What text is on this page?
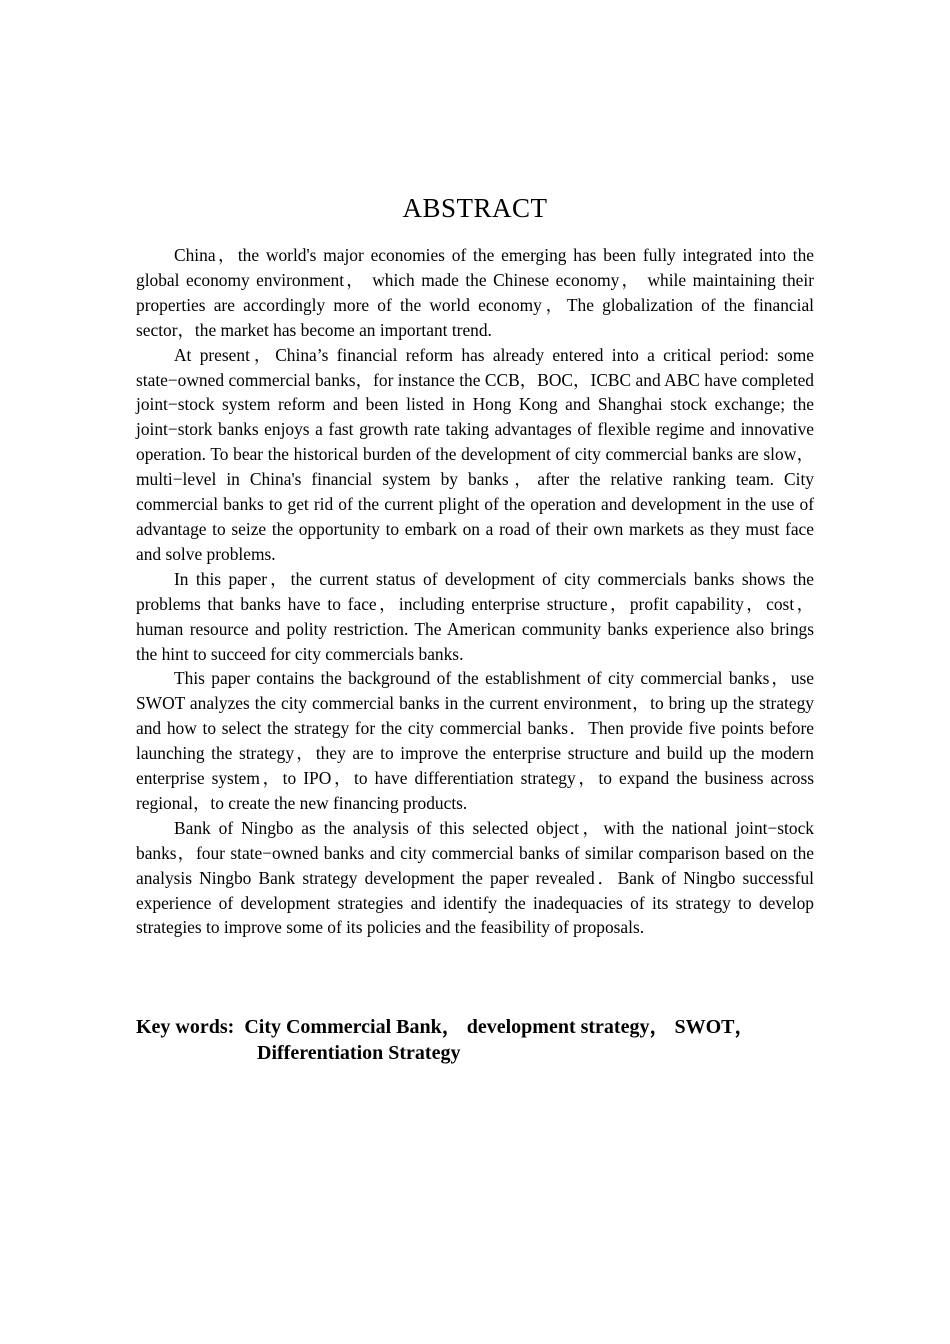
ABSTRACT

China，the world's major economies of the emerging has been fully integrated into the global economy environment， which made the Chinese economy， while maintaining their properties are accordingly more of the world economy，The globalization of the financial sector，the market has become an important trend.

At present，China’s financial reform has already entered into a critical period: some state−owned commercial banks，for instance the CCB，BOC，ICBC and ABC have completed joint−stock system reform and been listed in Hong Kong and Shanghai stock exchange; the joint−stork banks enjoys a fast growth rate taking advantages of flexible regime and innovative operation. To bear the historical burden of the development of city commercial banks are slow，multi−level in China's financial system by banks，after the relative ranking team. City commercial banks to get rid of the current plight of the operation and development in the use of advantage to seize the opportunity to embark on a road of their own markets as they must face and solve problems.

In this paper，the current status of development of city commercials banks shows the problems that banks have to face，including enterprise structure，profit capability，cost，human resource and polity restriction. The American community banks experience also brings the hint to succeed for city commercials banks.

This paper contains the background of the establishment of city commercial banks，use SWOT analyzes the city commercial banks in the current environment，to bring up the strategy and how to select the strategy for the city commercial banks．Then provide five points before launching the strategy，they are to improve the enterprise structure and build up the modern enterprise system，to IPO，to have differentiation strategy，to expand the business across regional，to create the new financing products.

Bank of Ningbo as the analysis of this selected object，with the national joint−stock banks，four state−owned banks and city commercial banks of similar comparison based on the analysis Ningbo Bank strategy development the paper revealed．Bank of Ningbo successful experience of development strategies and identify the inadequacies of its strategy to develop strategies to improve some of its policies and the feasibility of proposals.

Key words: City Commercial Bank， development strategy， SWOT，
Differentiation Strategy
